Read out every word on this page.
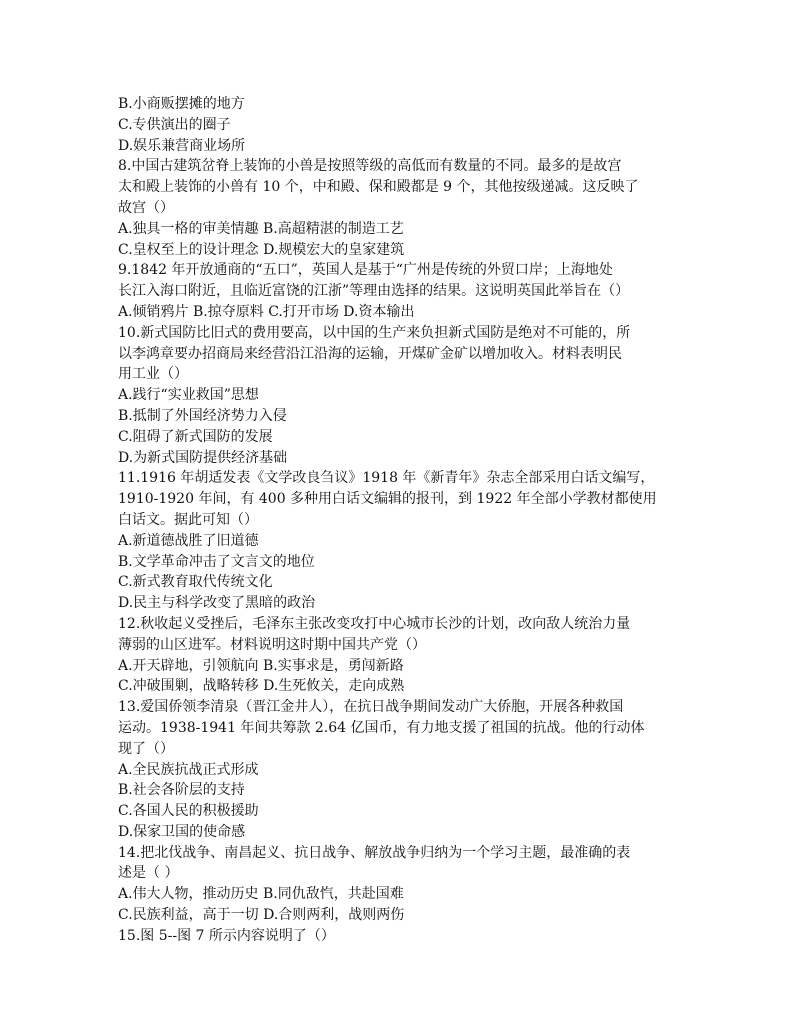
B.小商贩摆摊的地方
C.专供演出的圈子
D.娱乐兼营商业场所
8.中国古建筑岔脊上装饰的小兽是按照等级的高低而有数量的不同。最多的是故宫
太和殿上装饰的小兽有 10 个，中和殿、保和殿都是 9 个，其他按级递减。这反映了
故宫（）
A.独具一格的审美情趣 B.高超精湛的制造工艺
C.皇权至上的设计理念 D.规模宏大的皇家建筑
9.1842 年开放通商的“五口”，英国人是基于“广州是传统的外贸口岸；上海地处
长江入海口附近，且临近富饶的江浙”等理由选择的结果。这说明英国此举旨在（）
A.倾销鸦片 B.掠夺原料 C.打开市场 D.资本输出
10.新式国防比旧式的费用要高，以中国的生产来负担新式国防是绝对不可能的，所
以李鸿章要办招商局来经营沿江沿海的运输，开煤矿金矿以增加收入。材料表明民
用工业（）
A.践行“实业救国”思想
B.抵制了外国经济势力入侵
C.阻碍了新式国防的发展
D.为新式国防提供经济基础
11.1916 年胡适发表《文学改良刍议》1918 年《新青年》杂志全部采用白话文编写，
1910-1920 年间，有 400 多种用白话文编辑的报刊，到 1922 年全部小学教材都使用
白话文。据此可知（）
A.新道德战胜了旧道德
B.文学革命冲击了文言文的地位
C.新式教育取代传统文化
D.民主与科学改变了黑暗的政治
12.秋收起义受挫后，毛泽东主张改变攻打中心城市长沙的计划，改向敌人统治力量
薄弱的山区进军。材料说明这时期中国共产党（）
A.开天辟地，引领航向 B.实事求是，勇闯新路
C.冲破围剿，战略转移 D.生死攸关，走向成熟
13.爱国侨领李清泉（晋江金井人），在抗日战争期间发动广大侨胞，开展各种救国
运动。1938-1941 年间共筹款 2.64 亿国币，有力地支援了祖国的抗战。他的行动体
现了（）
A.全民族抗战正式形成
B.社会各阶层的支持
C.各国人民的积极援助
D.保家卫国的使命感
14.把北伐战争、南昌起义、抗日战争、解放战争归纳为一个学习主题，最准确的表
述是（ ）
A.伟大人物，推动历史 B.同仇敌忾，共赴国难
C.民族利益，高于一切 D.合则两利，战则两伤
15.图 5--图 7 所示内容说明了（）
